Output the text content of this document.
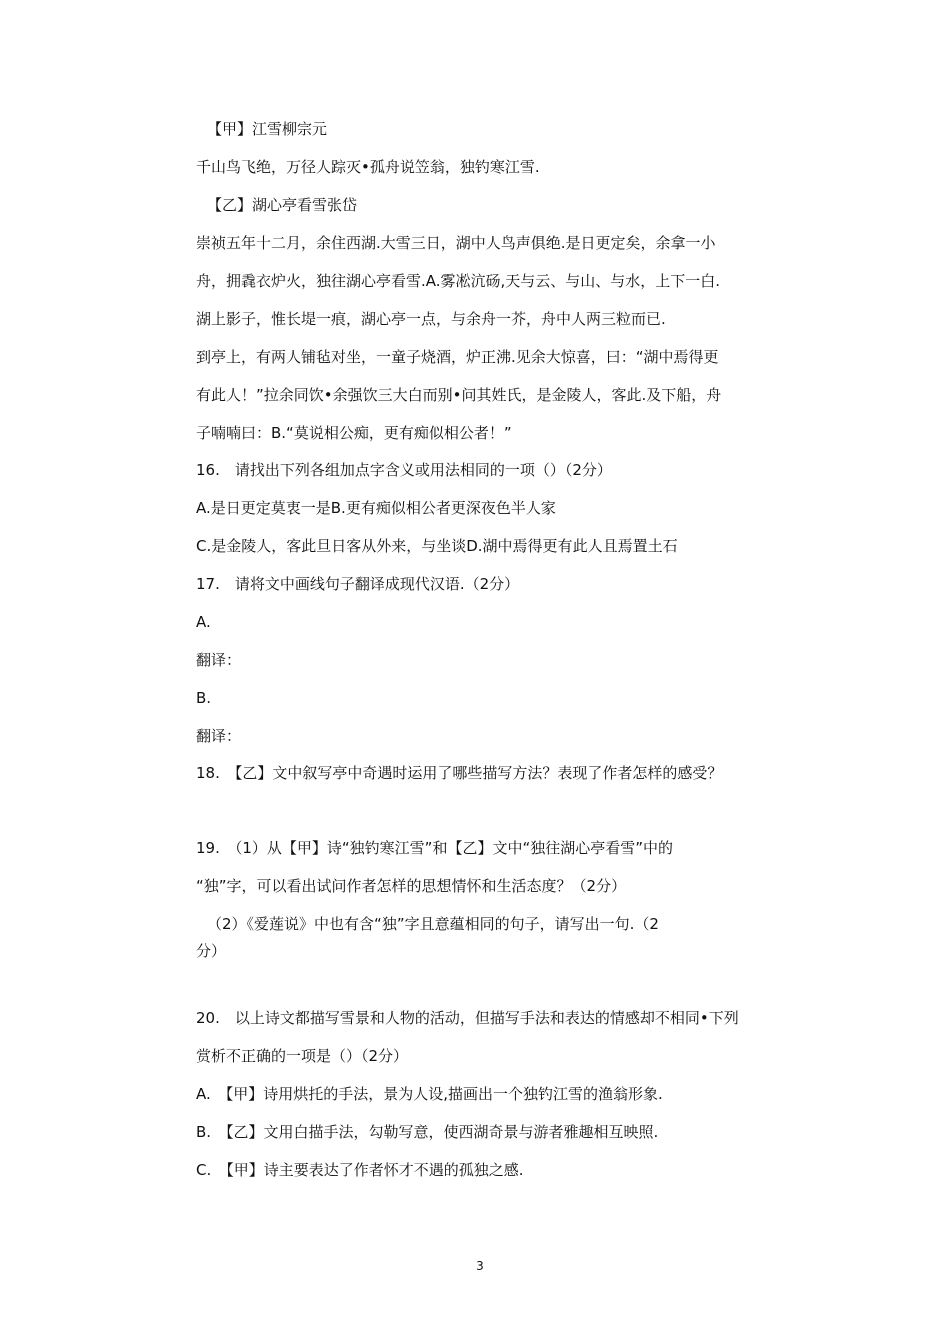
【甲】江雪柳宗元
千山鸟飞绝，万径人踪灭•孤舟说笠翁，独钓寒江雪.
【乙】湖心亭看雪张岱
崇祯五年十二月，余住西湖.大雪三日，湖中人鸟声俱绝.是日更定矣，余拿一小
舟，拥毳衣炉火，独往湖心亭看雪.A.雾凇沆砀,天与云、与山、与水，上下一白.
湖上影子，惟长堤一痕，湖心亭一点，与余舟一芥，舟中人两三粒而已.
到亭上，有两人铺毡对坐，一童子烧酒，炉正沸.见余大惊喜，曰：“湖中焉得更
有此人！”拉余同饮•余强饮三大白而别•问其姓氏，是金陵人，客此.及下船，舟
子喃喃曰：B.“莫说相公痴，更有痴似相公者！”
16.　请找出下列各组加点字含义或用法相同的一项（）（2分）
A.是日更定莫衷一是B.更有痴似相公者更深夜色半人家
C.是金陵人，客此旦日客从外来，与坐谈D.湖中焉得更有此人且焉置土石
17.　请将文中画线句子翻译成现代汉语.（2分）
A.
翻译：
B.
翻译：
18.　【乙】文中叙写亭中奇遇时运用了哪些描写方法？表现了作者怎样的感受？
19.　（1）从【甲】诗“独钓寒江雪”和【乙】文中“独往湖心亭看雪”中的
“独”字，可以看出试问作者怎样的思想情怀和生活态度？（2分）
（2）《爱莲说》中也有含“独”字且意蕴相同的句子，请写出一句.（2
分）
20.　以上诗文都描写雪景和人物的活动，但描写手法和表达的情感却不相同•下列
赏析不正确的一项是（）（2分）
A.　【甲】诗用烘托的手法，景为人设,描画出一个独钓江雪的渔翁形象.
B.　【乙】文用白描手法，勾勒写意，使西湖奇景与游者雅趣相互映照.
C.　【甲】诗主要表达了作者怀才不遇的孤独之感.
3
